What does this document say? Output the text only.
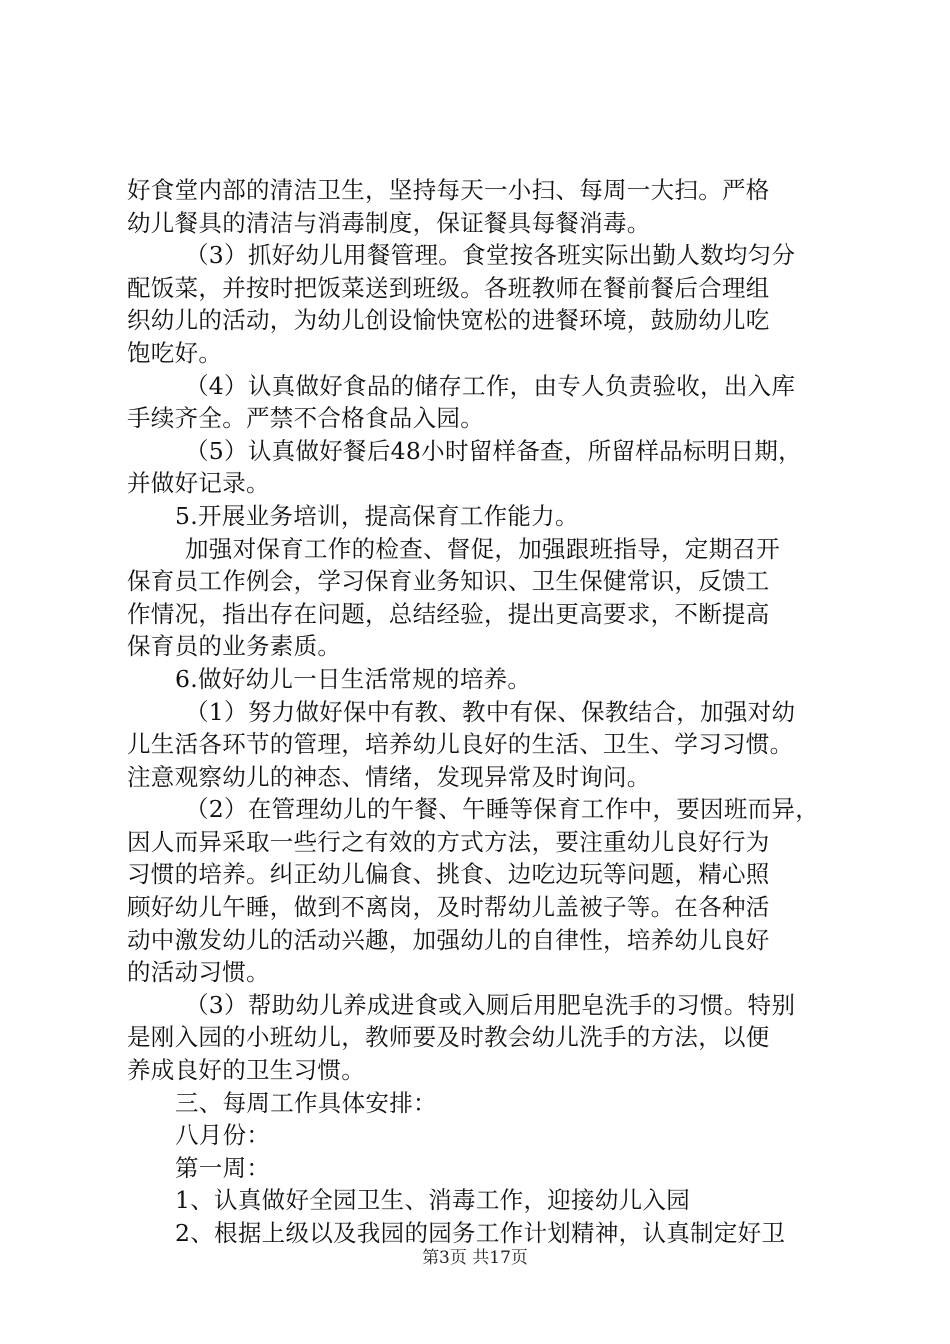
好食堂内部的清洁卫生，坚持每天一小扫、每周一大扫。严格
幼儿餐具的清洁与消毒制度，保证餐具每餐消毒。
（3）抓好幼儿用餐管理。食堂按各班实际出勤人数均匀分
配饭菜，并按时把饭菜送到班级。各班教师在餐前餐后合理组
织幼儿的活动，为幼儿创设愉快宽松的进餐环境，鼓励幼儿吃
饱吃好。
（4）认真做好食品的储存工作，由专人负责验收，出入库
手续齐全。严禁不合格食品入园。
（5）认真做好餐后48小时留样备查，所留样品标明日期，
并做好记录。
5.开展业务培训，提高保育工作能力。
加强对保育工作的检查、督促，加强跟班指导，定期召开
保育员工作例会，学习保育业务知识、卫生保健常识，反馈工
作情况，指出存在问题，总结经验，提出更高要求，不断提高
保育员的业务素质。
6.做好幼儿一日生活常规的培养。
（1）努力做好保中有教、教中有保、保教结合，加强对幼
儿生活各环节的管理，培养幼儿良好的生活、卫生、学习习惯。
注意观察幼儿的神态、情绪，发现异常及时询问。
（2）在管理幼儿的午餐、午睡等保育工作中，要因班而异，
因人而异采取一些行之有效的方式方法，要注重幼儿良好行为
习惯的培养。纠正幼儿偏食、挑食、边吃边玩等问题，精心照
顾好幼儿午睡，做到不离岗，及时帮幼儿盖被子等。在各种活
动中激发幼儿的活动兴趣，加强幼儿的自律性，培养幼儿良好
的活动习惯。
（3）帮助幼儿养成进食或入厕后用肥皂洗手的习惯。特别
是刚入园的小班幼儿，教师要及时教会幼儿洗手的方法，以便
养成良好的卫生习惯。
三、每周工作具体安排：
八月份：
第一周：
1、认真做好全园卫生、消毒工作，迎接幼儿入园
2、根据上级以及我园的园务工作计划精神，认真制定好卫
第3页 共17页
